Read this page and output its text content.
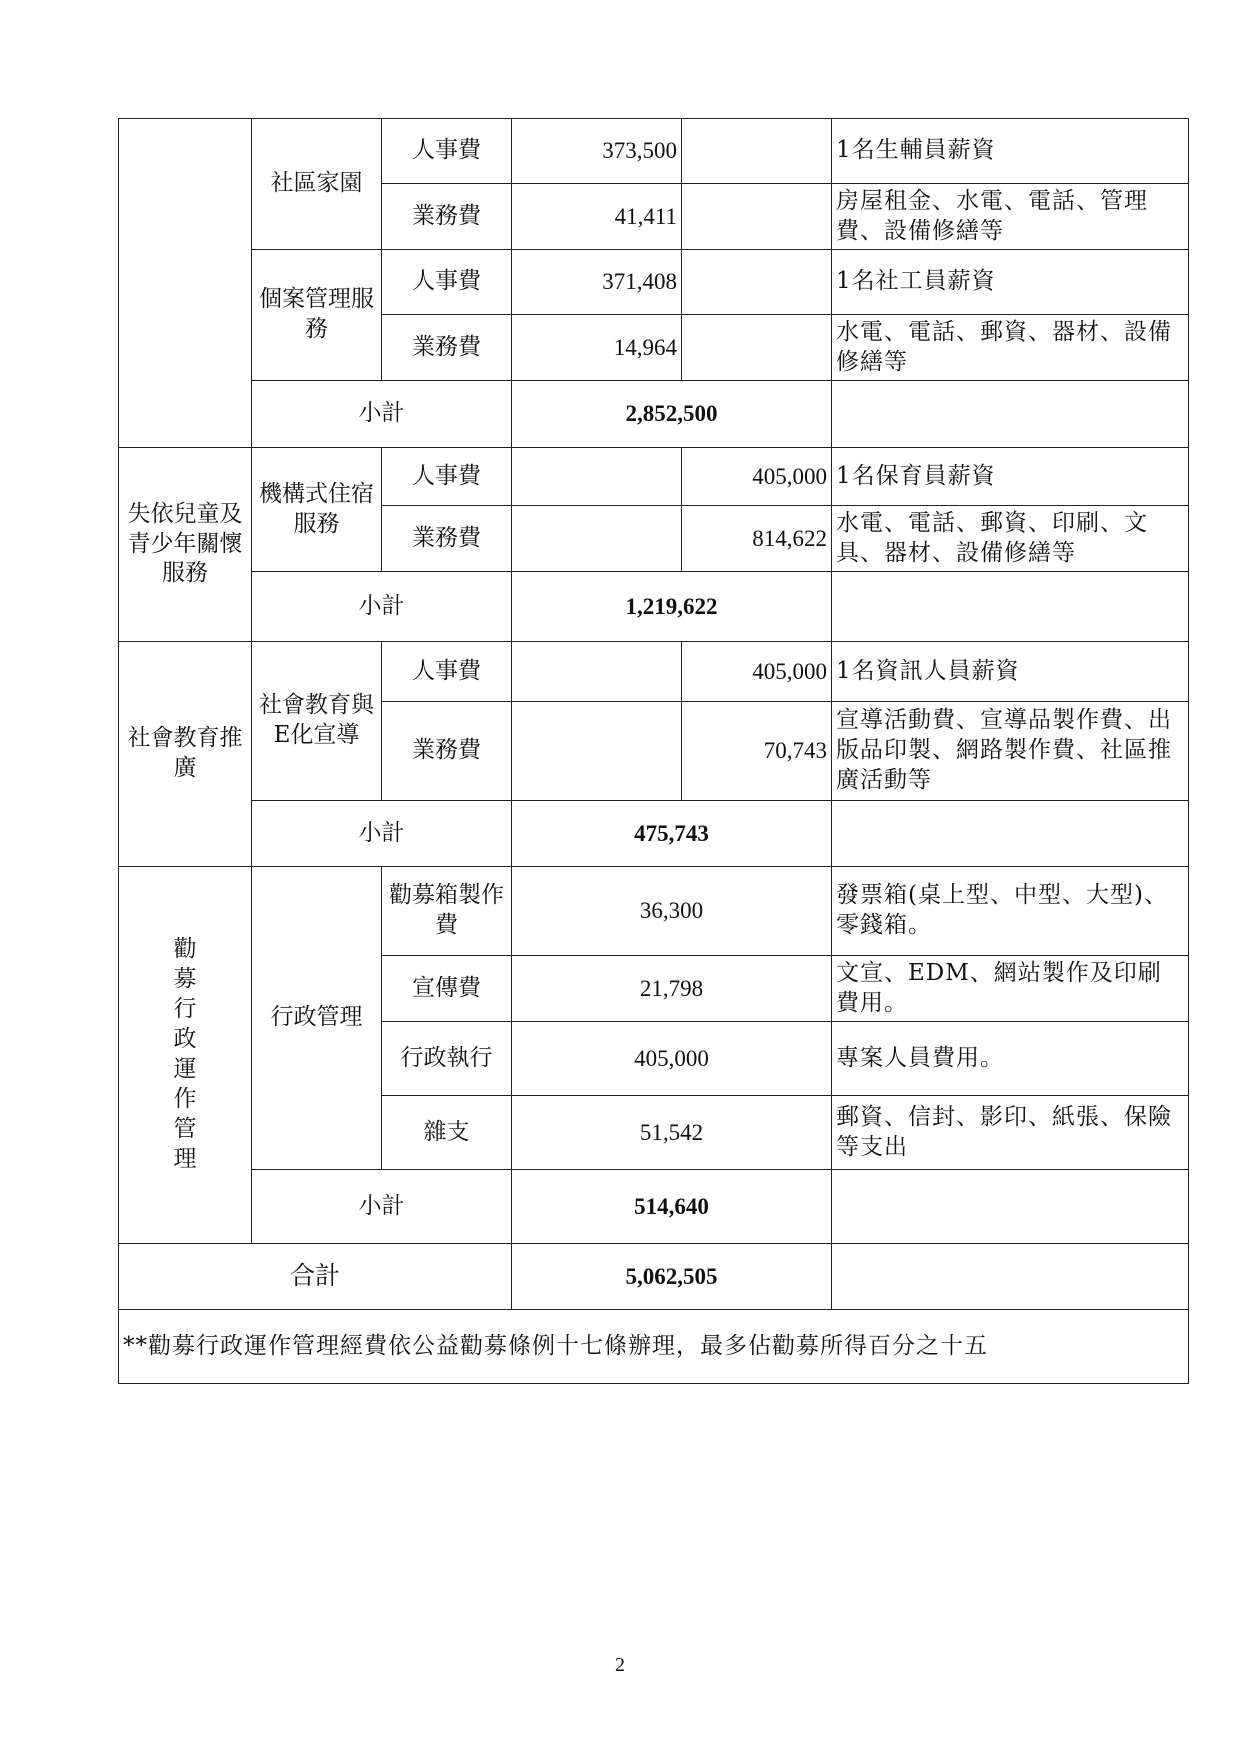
	社區家園	人事費	373,500		1名生輔員薪資
		業務費	41,411		房屋租金、水電、電話、管理費、設備修繕等
	個案管理服務	人事費	371,408		1名社工員薪資
		業務費	14,964		水電、電話、郵資、器材、設備修繕等
	小計		2,852,500		
失依兒童及青少年關懷服務	機構式住宿服務	人事費		405,000	1名保育員薪資
		業務費		814,622	水電、電話、郵資、印刷、文具、器材、設備修繕等
	小計		1,219,622		
社會教育推廣	社會教育與E化宣導	人事費		405,000	1名資訊人員薪資
		業務費		70,743	宣導活動費、宣導品製作費、出版品印製、網路製作費、社區推廣活動等
	小計		475,743		

勸募行政運作管理	行政管理	勸募箱製作費	36,300		發票箱(桌上型、中型、大型)、零錢箱。
		宣傳費	21,798		文宣、EDM、網站製作及印刷費用。
		行政執行	405,000		專案人員費用。
		雜支	51,542		郵資、信封、影印、紙張、保險等支出
	小計		514,640		
合計			5,062,505		
**勸募行政運作管理經費依公益勸募條例十七條辦理，最多佔勸募所得百分之十五					
2
